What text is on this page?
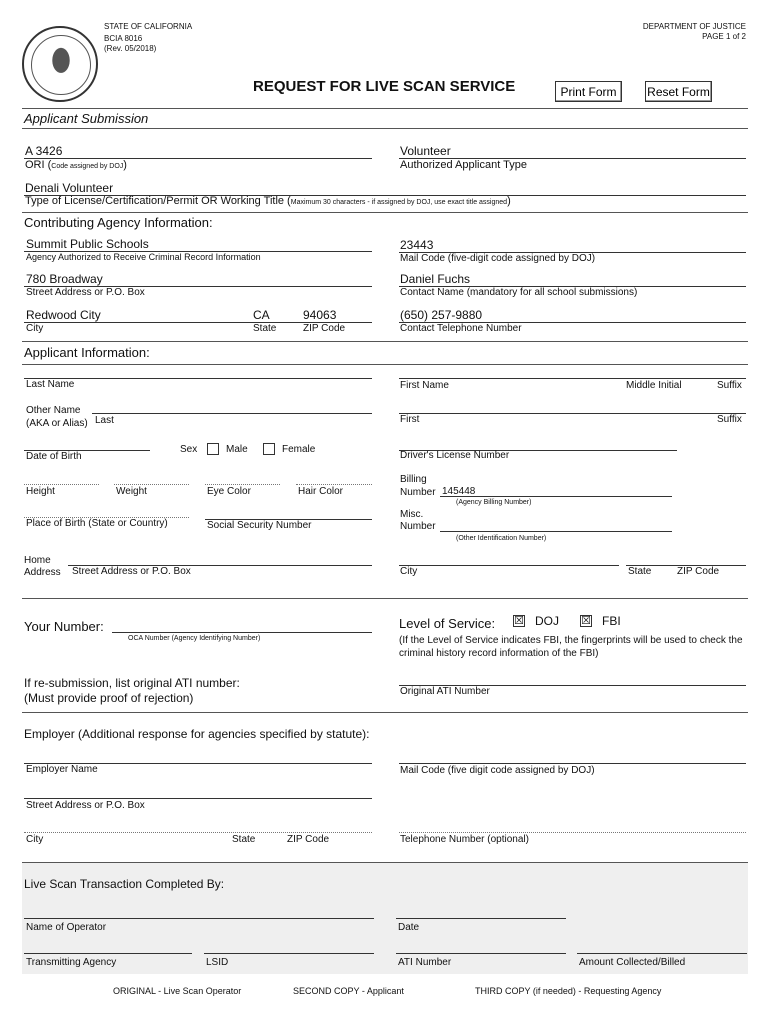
STATE OF CALIFORNIA
BCIA 8016
(Rev. 05/2018)
DEPARTMENT OF JUSTICE
PAGE 1 of 2
REQUEST FOR LIVE SCAN SERVICE	Print Form	Reset Form
Applicant Submission
A 3426
ORI (Code assigned by DOJ)
Volunteer
Authorized Applicant Type
Denali Volunteer
Type of License/Certification/Permit OR Working Title (Maximum 30 characters - if assigned by DOJ, use exact title assigned)
Contributing Agency Information:
Summit Public Schools
Agency Authorized to Receive Criminal Record Information
23443
Mail Code (five-digit code assigned by DOJ)
780 Broadway
Street Address or P.O. Box
Daniel Fuchs
Contact Name (mandatory for all school submissions)
Redwood City	CA	94063
City	State	ZIP Code
(650) 257-9880
Contact Telephone Number
Applicant Information:
Last Name	First Name	Middle Initial	Suffix
Other Name
(AKA or Alias) Last	First	Suffix
Date of Birth
Sex	Male	Female
Driver's License Number
Height	Weight	Eye Color	Hair Color
Billing
Number 145448
(Agency Billing Number)
Place of Birth (State or Country)	Social Security Number
Misc.
Number
(Other Identification Number)
Home
Address Street Address or P.O. Box	City	State	ZIP Code
Your Number:
OCA Number (Agency Identifying Number)
Level of Service: ☒ DOJ ☒ FBI
(If the Level of Service indicates FBI, the fingerprints will be used to check the
criminal history record information of the FBI)
If re-submission, list original ATI number:
(Must provide proof of rejection)	Original ATI Number
Employer (Additional response for agencies specified by statute):
Employer Name	Mail Code (five digit code assigned by DOJ)
Street Address or P.O. Box
City	State	ZIP Code	Telephone Number (optional)
Live Scan Transaction Completed By:
Name of Operator	Date
Transmitting Agency	LSID	ATI Number	Amount Collected/Billed
ORIGINAL - Live Scan Operator	SECOND COPY - Applicant	THIRD COPY (if needed) - Requesting Agency
